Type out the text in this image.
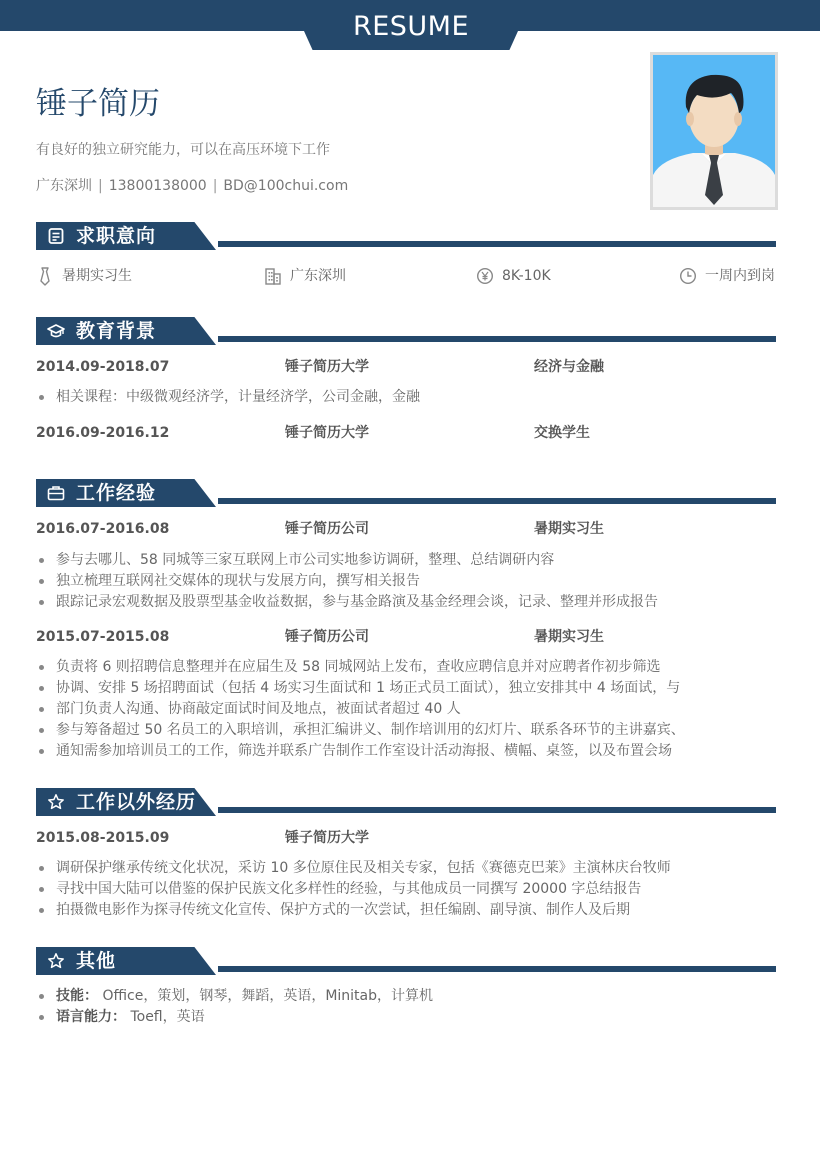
RESUME
锤子简历
有良好的独立研究能力，可以在高压环境下工作
广东深圳 | 13800138000 | BD@100chui.com
求职意向
暑期实习生	广东深圳	8K-10K	一周内到岗
教育背景
2014.09-2018.07	锤子简历大学	经济与金融
相关课程：中级微观经济学，计量经济学，公司金融，金融
2016.09-2016.12	锤子简历大学	交换学生
工作经验
2016.07-2016.08	锤子简历公司	暑期实习生
参与去哪儿、58 同城等三家互联网上市公司实地参访调研，整理、总结调研内容
独立梳理互联网社交媒体的现状与发展方向，撰写相关报告
跟踪记录宏观数据及股票型基金收益数据，参与基金路演及基金经理会谈，记录、整理并形成报告
2015.07-2015.08	锤子简历公司	暑期实习生
负责将 6 则招聘信息整理并在应届生及 58 同城网站上发布，查收应聘信息并对应聘者作初步筛选
协调、安排 5 场招聘面试（包括 4 场实习生面试和 1 场正式员工面试），独立安排其中 4 场面试，与
部门负责人沟通、协商敲定面试时间及地点，被面试者超过 40 人
参与筹备超过 50 名员工的入职培训，承担汇编讲义、制作培训用的幻灯片、联系各环节的主讲嘉宾、
通知需参加培训员工的工作，筛选并联系广告制作工作室设计活动海报、横幅、桌签，以及布置会场
工作以外经历
2015.08-2015.09	锤子简历大学
调研保护继承传统文化状况，采访 10 多位原住民及相关专家，包括《赛德克巴莱》主演林庆台牧师
寻找中国大陆可以借鉴的保护民族文化多样性的经验，与其他成员一同撰写 20000 字总结报告
拍摄微电影作为探寻传统文化宣传、保护方式的一次尝试，担任编剧、副导演、制作人及后期
其他
技能： Office，策划，钢琴，舞蹈，英语，Minitab，计算机
语言能力： Toefl，英语
